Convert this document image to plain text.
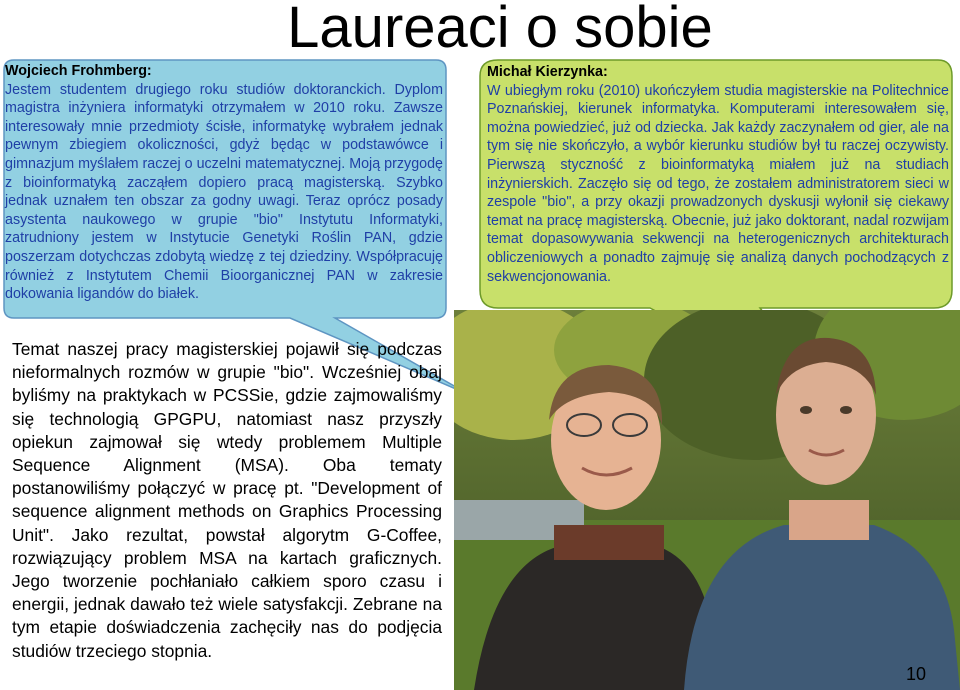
Laureaci o sobie
Wojciech Frohmberg:
Jestem studentem drugiego roku studiów doktoranckich. Dyplom magistra inżyniera informatyki otrzymałem w 2010 roku. Zawsze interesowały mnie przedmioty ścisłe, informatykę wybrałem jednak pewnym zbiegiem okoliczności, gdyż będąc w podstawówce i gimnazjum myślałem raczej o uczelni matematycznej. Moją przygodę z bioinformatyką zacząłem dopiero pracą magisterską. Szybko jednak uznałem ten obszar za godny uwagi. Teraz oprócz posady asystenta naukowego w grupie "bio" Instytutu Informatyki, zatrudniony jestem w Instytucie Genetyki Roślin PAN, gdzie poszerzam dotychczas zdobytą wiedzę z tej dziedziny. Współpracuję również z Instytutem Chemii Bioorganicznej PAN w zakresie dokowania ligandów do białek.
Michał Kierzynka:
W ubiegłym roku (2010) ukończyłem studia magisterskie na Politechnice Poznańskiej, kierunek informatyka. Komputerami interesowałem się, można powiedzieć, już od dziecka. Jak każdy zaczynałem od gier, ale na tym się nie skończyło, a wybór kierunku studiów był tu raczej oczywisty. Pierwszą styczność z bioinformatyką miałem już na studiach inżynierskich. Zaczęło się od tego, że zostałem administratorem sieci w zespole "bio", a przy okazji prowadzonych dyskusji wyłonił się ciekawy temat na pracę magisterską. Obecnie, już jako doktorant, nadal rozwijam temat dopasowywania sekwencji na heterogenicznych architekturach obliczeniowych a ponadto zajmuję się analizą danych pochodzących z sekwencjonowania.
Temat naszej pracy magisterskiej pojawił się podczas nieformalnych rozmów w grupie "bio". Wcześniej obaj byliśmy na praktykach w PCSSie, gdzie zajmowaliśmy się technologią GPGPU, natomiast nasz przyszły opiekun zajmował się wtedy problemem Multiple Sequence Alignment (MSA). Oba tematy postanowiliśmy połączyć w pracę pt. "Development of sequence alignment methods on Graphics Processing Unit". Jako rezultat, powstał algorytm G-Coffee, rozwiązujący problem MSA na kartach graficznych. Jego tworzenie pochłaniało całkiem sporo czasu i energii, jednak dawało też wiele satysfakcji. Zebrane na tym etapie doświadczenia zachęciły nas do podjęcia studiów trzeciego stopnia.
10
